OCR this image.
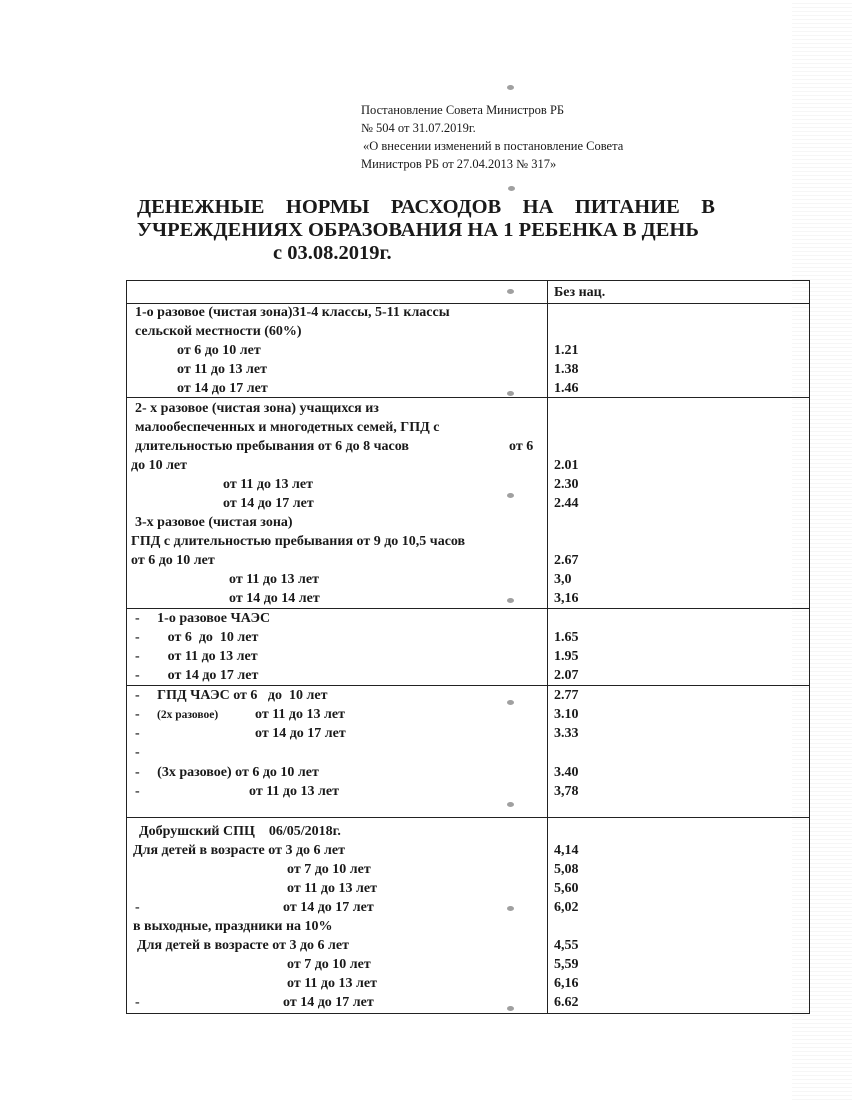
Постановление Совета Министров РБ
№ 504 от 31.07.2019г.
«О внесении изменений в постановление Совета
Министров РБ от 27.04.2013 № 317»
ДЕНЕЖНЫЕ НОРМЫ РАСХОДОВ НА ПИТАНИЕ В
УЧРЕЖДЕНИЯХ ОБРАЗОВАНИЯ НА 1 РЕБЕНКА В ДЕНЬ
с 03.08.2019г.
Без нац.
1-о разовое (чистая зона)31-4 классы, 5-11 классы
сельской местности (60%)
от 6 до 10 лет	1.21
от 11 до 13 лет	1.38
от 14 до 17 лет	1.46
2- х разовое (чистая зона) учащихся из
малообеспеченных и многодетных семей, ГПД с
длительностью пребывания от 6 до 8 часов	от 6
до 10 лет	2.01
от 11 до 13 лет	2.30
от 14 до 17 лет	2.44
3-х разовое (чистая зона)
ГПД с длительностью пребывания от 9 до 10,5 часов
от 6 до 10 лет	2.67
от 11 до 13 лет	3,0
от 14 до 14 лет	3,16
-     1-о разовое ЧАЭС
-        от 6  до  10 лет	1.65
-        от 11 до 13 лет	1.95
-        от 14 до 17 лет	2.07
-     ГПД ЧАЭС от 6   до  10 лет	2.77
- (2х разовое)	от 11 до 13 лет	3.10
-	от 14 до 17 лет	3.33
-
-     (3х разовое) от 6 до 10 лет	3.40
-	от 11 до 13 лет	3,78
Добрушский СПЦ    06/05/2018г.
Для детей в возрасте от 3 до 6 лет	4,14
от 7 до 10 лет	5,08
от 11 до 13 лет	5,60
-	от 14 до 17 лет	6,02
в выходные, праздники на 10%
Для детей в возрасте от 3 до 6 лет	4,55
от 7 до 10 лет	5,59
от 11 до 13 лет	6,16
-	от 14 до 17 лет	6.62
